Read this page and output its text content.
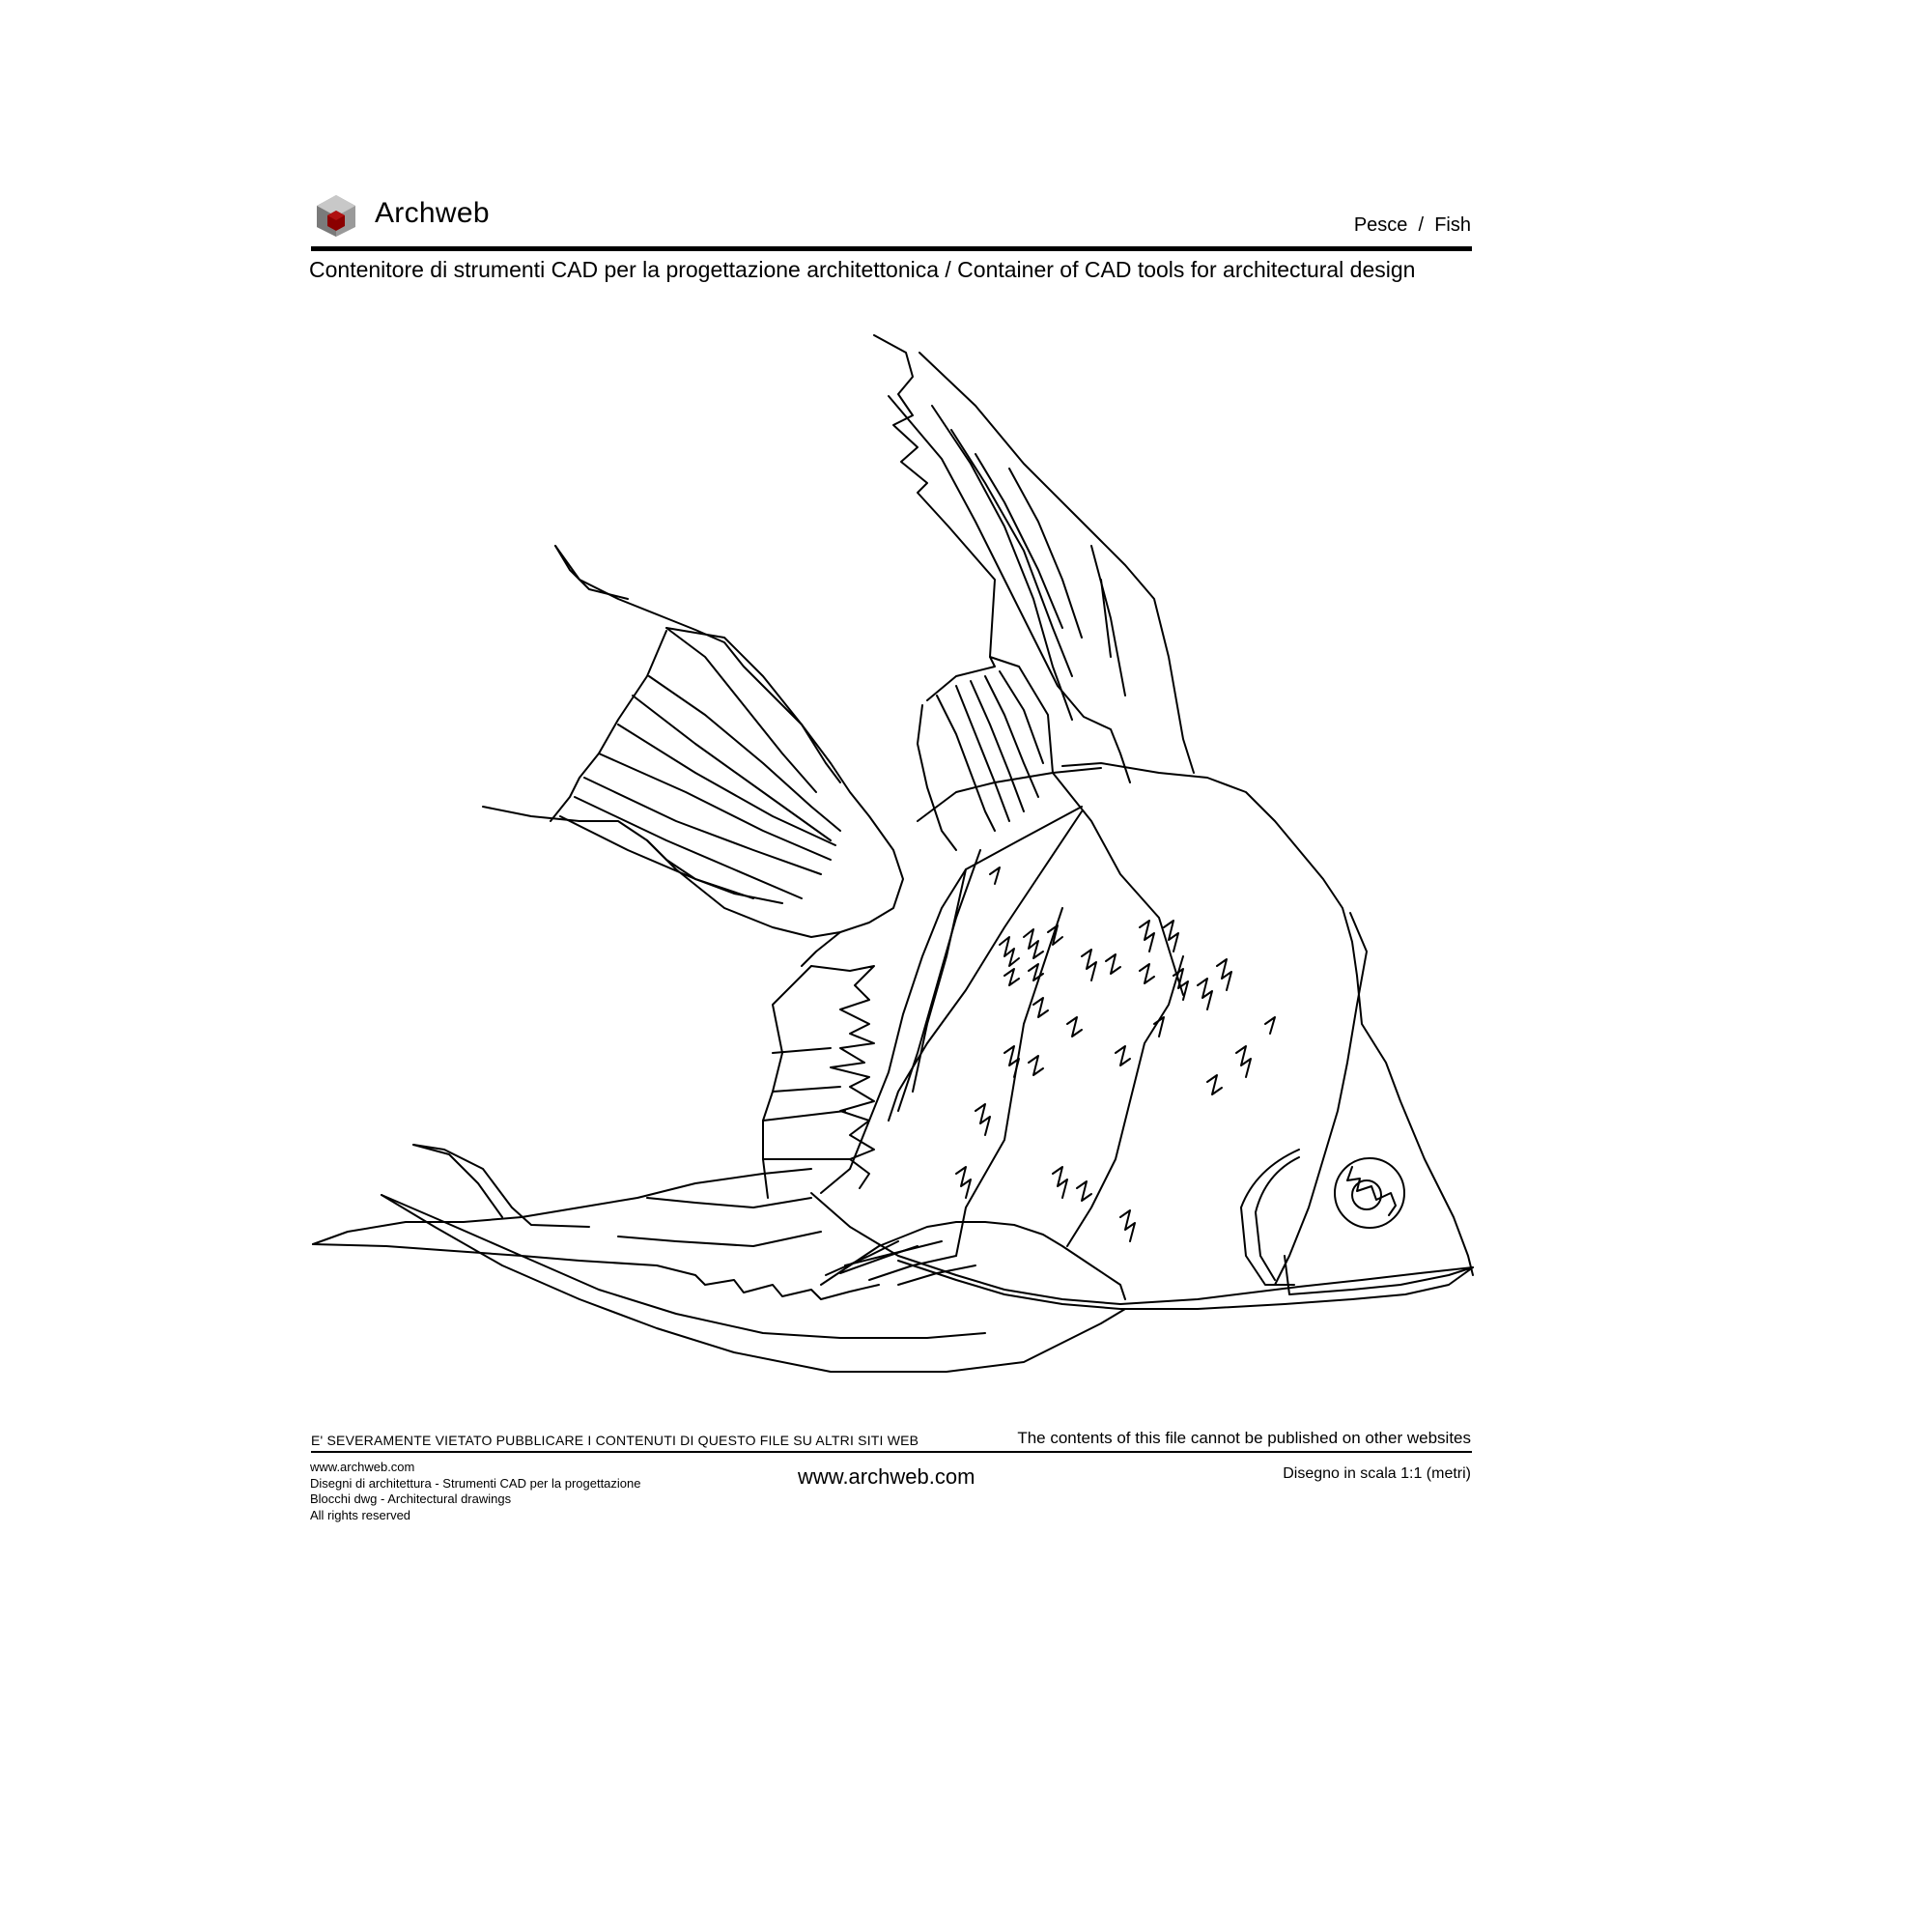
Archweb	Pesce  /  Fish
Contenitore di strumenti CAD per la progettazione architettonica / Container of CAD tools for architectural design
E' SEVERAMENTE VIETATO PUBBLICARE I CONTENUTI DI QUESTO FILE SU ALTRI SITI WEB	The contents of this file cannot be published on other websites
www.archweb.com
Disegni di architettura - Strumenti CAD per la progettazione
Blocchi dwg - Architectural drawings
All rights reserved
www.archweb.com	Disegno in scala 1:1 (metri)
